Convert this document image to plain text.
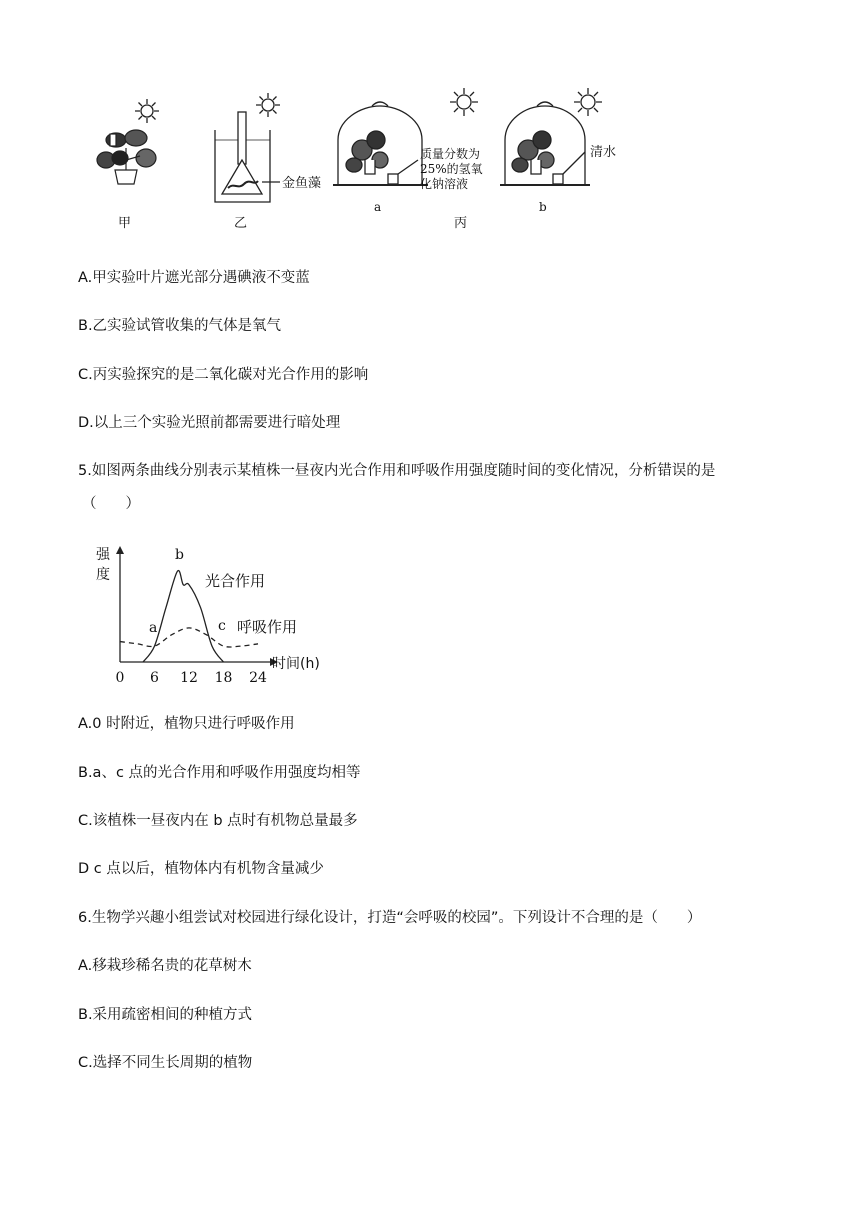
甲	乙	丙
a	b
金鱼藻
质量分数为
25%的氢氧
化钠溶液
清水
A.甲实验叶片遮光部分遇碘液不变蓝
B.乙实验试管收集的气体是氧气
C.丙实验探究的是二氧化碳对光合作用的影响
D.以上三个实验光照前都需要进行暗处理
5.如图两条曲线分别表示某植株一昼夜内光合作用和呼吸作用强度随时间的变化情况，分析错误的是
（　　）
0 6 12 18 24
强度
时间(h)
光合作用
呼吸作用
a
b
c
A.0 时附近，植物只进行呼吸作用
B.a、c 点的光合作用和呼吸作用强度均相等
C.该植株一昼夜内在 b 点时有机物总量最多
D c 点以后，植物体内有机物含量减少
6.生物学兴趣小组尝试对校园进行绿化设计，打造“会呼吸的校园”。下列设计不合理的是（　　）
A.移栽珍稀名贵的花草树木
B.采用疏密相间的种植方式
C.选择不同生长周期的植物
